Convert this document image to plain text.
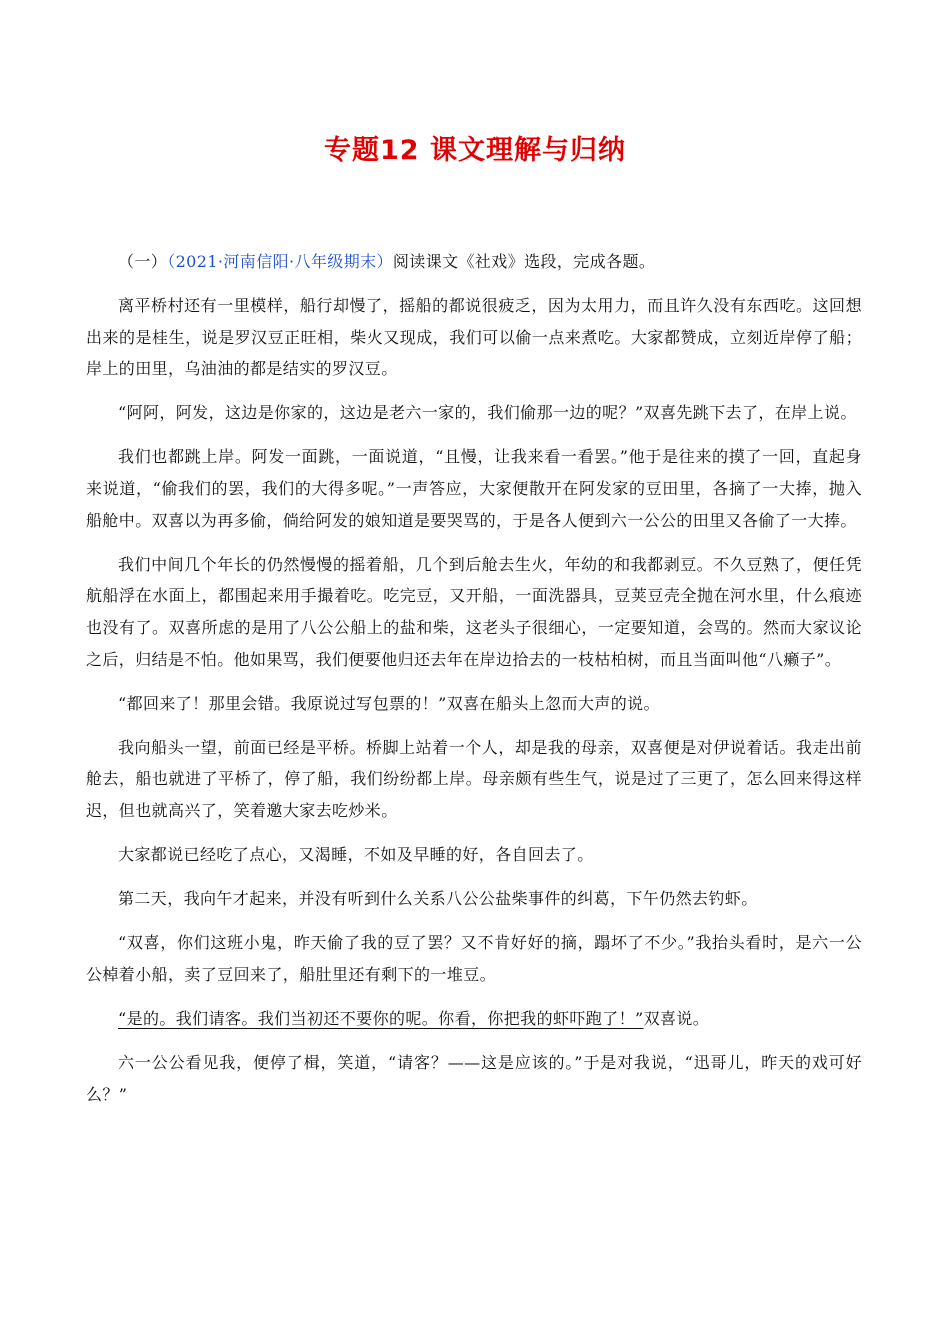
专题12 课文理解与归纳

（一）（2021·河南信阳·八年级期末）阅读课文《社戏》选段，完成各题。

离平桥村还有一里模样，船行却慢了，摇船的都说很疲乏，因为太用力，而且许久没有东西吃。这回想出来的是桂生，说是罗汉豆正旺相，柴火又现成，我们可以偷一点来煮吃。大家都赞成，立刻近岸停了船；岸上的田里，乌油油的都是结实的罗汉豆。

“阿阿，阿发，这边是你家的，这边是老六一家的，我们偷那一边的呢？”双喜先跳下去了，在岸上说。

我们也都跳上岸。阿发一面跳，一面说道，“且慢，让我来看一看罢。”他于是往来的摸了一回，直起身来说道，“偷我们的罢，我们的大得多呢。”一声答应，大家便散开在阿发家的豆田里，各摘了一大捧，抛入船舱中。双喜以为再多偷，倘给阿发的娘知道是要哭骂的，于是各人便到六一公公的田里又各偷了一大捧。

我们中间几个年长的仍然慢慢的摇着船，几个到后舱去生火，年幼的和我都剥豆。不久豆熟了，便任凭航船浮在水面上，都围起来用手撮着吃。吃完豆，又开船，一面洗器具，豆荚豆壳全抛在河水里，什么痕迹也没有了。双喜所虑的是用了八公公船上的盐和柴，这老头子很细心，一定要知道，会骂的。然而大家议论之后，归结是不怕。他如果骂，我们便要他归还去年在岸边拾去的一枝枯柏树，而且当面叫他“八癞子”。

“都回来了！那里会错。我原说过写包票的！”双喜在船头上忽而大声的说。

我向船头一望，前面已经是平桥。桥脚上站着一个人，却是我的母亲，双喜便是对伊说着话。我走出前舱去，船也就进了平桥了，停了船，我们纷纷都上岸。母亲颇有些生气，说是过了三更了，怎么回来得这样迟，但也就高兴了，笑着邀大家去吃炒米。

大家都说已经吃了点心，又渴睡，不如及早睡的好，各自回去了。

第二天，我向午才起来，并没有听到什么关系八公公盐柴事件的纠葛，下午仍然去钓虾。

“双喜，你们这班小鬼，昨天偷了我的豆了罢？又不肯好好的摘，蹋坏了不少。”我抬头看时，是六一公公棹着小船，卖了豆回来了，船肚里还有剩下的一堆豆。

“是的。我们请客。我们当初还不要你的呢。你看，你把我的虾吓跑了！”双喜说。

六一公公看见我，便停了楫，笑道，“请客？——这是应该的。”于是对我说，“迅哥儿，昨天的戏可好么？”
